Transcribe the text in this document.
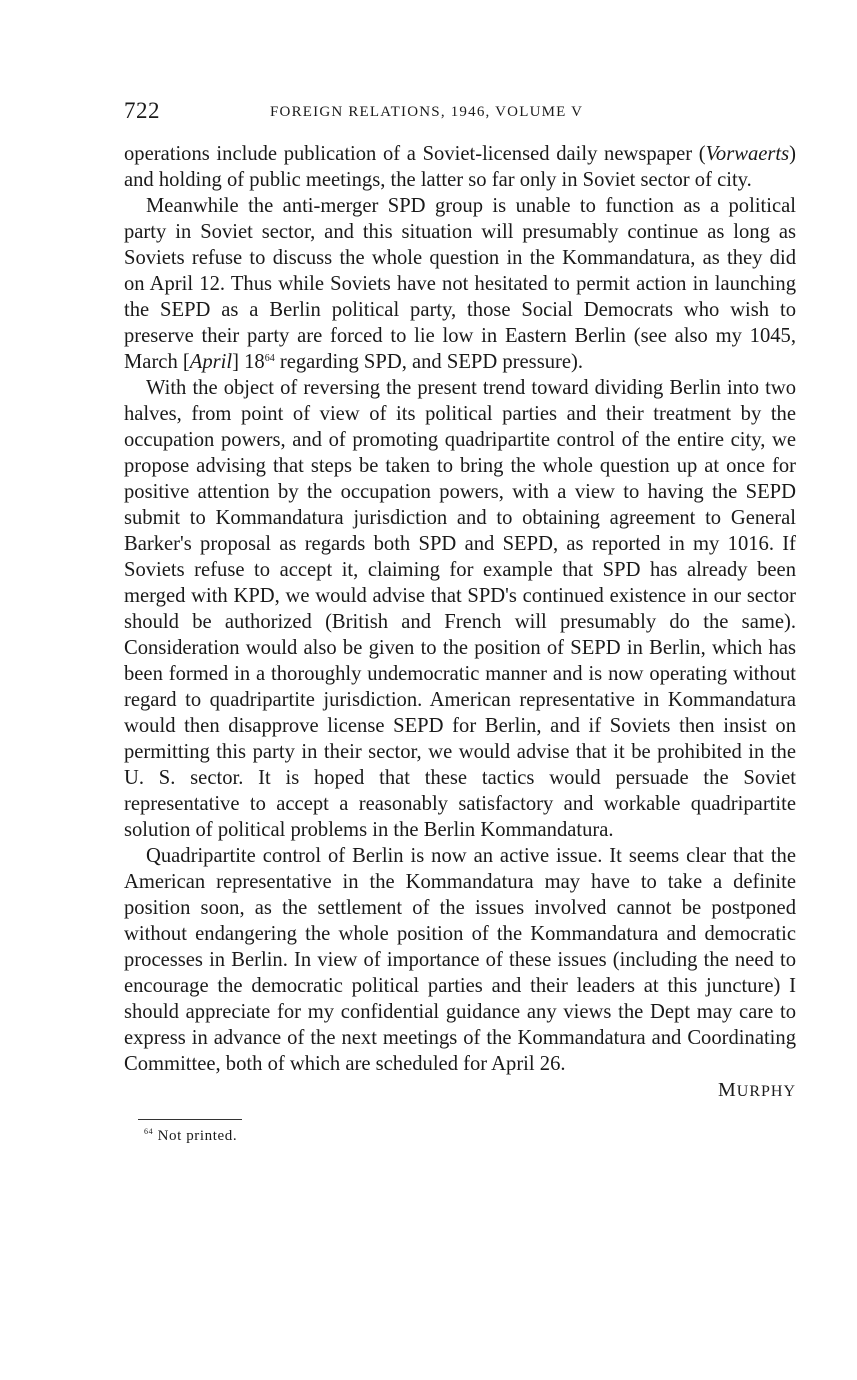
722	FOREIGN RELATIONS, 1946, VOLUME V

operations include publication of a Soviet-licensed daily newspaper (Vorwaerts) and holding of public meetings, the latter so far only in Soviet sector of city.

Meanwhile the anti-merger SPD group is unable to function as a political party in Soviet sector, and this situation will presumably continue as long as Soviets refuse to discuss the whole question in the Kommandatura, as they did on April 12. Thus while Soviets have not hesitated to permit action in launching the SEPD as a Berlin political party, those Social Democrats who wish to preserve their party are forced to lie low in Eastern Berlin (see also my 1045, March [April] 18$^{64}$ regarding SPD, and SEPD pressure).

With the object of reversing the present trend toward dividing Berlin into two halves, from point of view of its political parties and their treatment by the occupation powers, and of promoting quadripartite control of the entire city, we propose advising that steps be taken to bring the whole question up at once for positive attention by the occupation powers, with a view to having the SEPD submit to Kommandatura jurisdiction and to obtaining agreement to General Barker's proposal as regards both SPD and SEPD, as reported in my 1016. If Soviets refuse to accept it, claiming for example that SPD has already been merged with KPD, we would advise that SPD's continued existence in our sector should be authorized (British and French will presumably do the same). Consideration would also be given to the position of SEPD in Berlin, which has been formed in a thoroughly undemocratic manner and is now operating without regard to quadripartite jurisdiction. American representative in Kommandatura would then disapprove license SEPD for Berlin, and if Soviets then insist on permitting this party in their sector, we would advise that it be prohibited in the U. S. sector. It is hoped that these tactics would persuade the Soviet representative to accept a reasonably satisfactory and workable quadripartite solution of political problems in the Berlin Kommandatura.

Quadripartite control of Berlin is now an active issue. It seems clear that the American representative in the Kommandatura may have to take a definite position soon, as the settlement of the issues involved cannot be postponed without endangering the whole position of the Kommandatura and democratic processes in Berlin. In view of importance of these issues (including the need to encourage the democratic political parties and their leaders at this juncture) I should appreciate for my confidential guidance any views the Dept may care to express in advance of the next meetings of the Kommandatura and Coordinating Committee, both of which are scheduled for April 26.

MURPHY
$^{64}$ Not printed.
